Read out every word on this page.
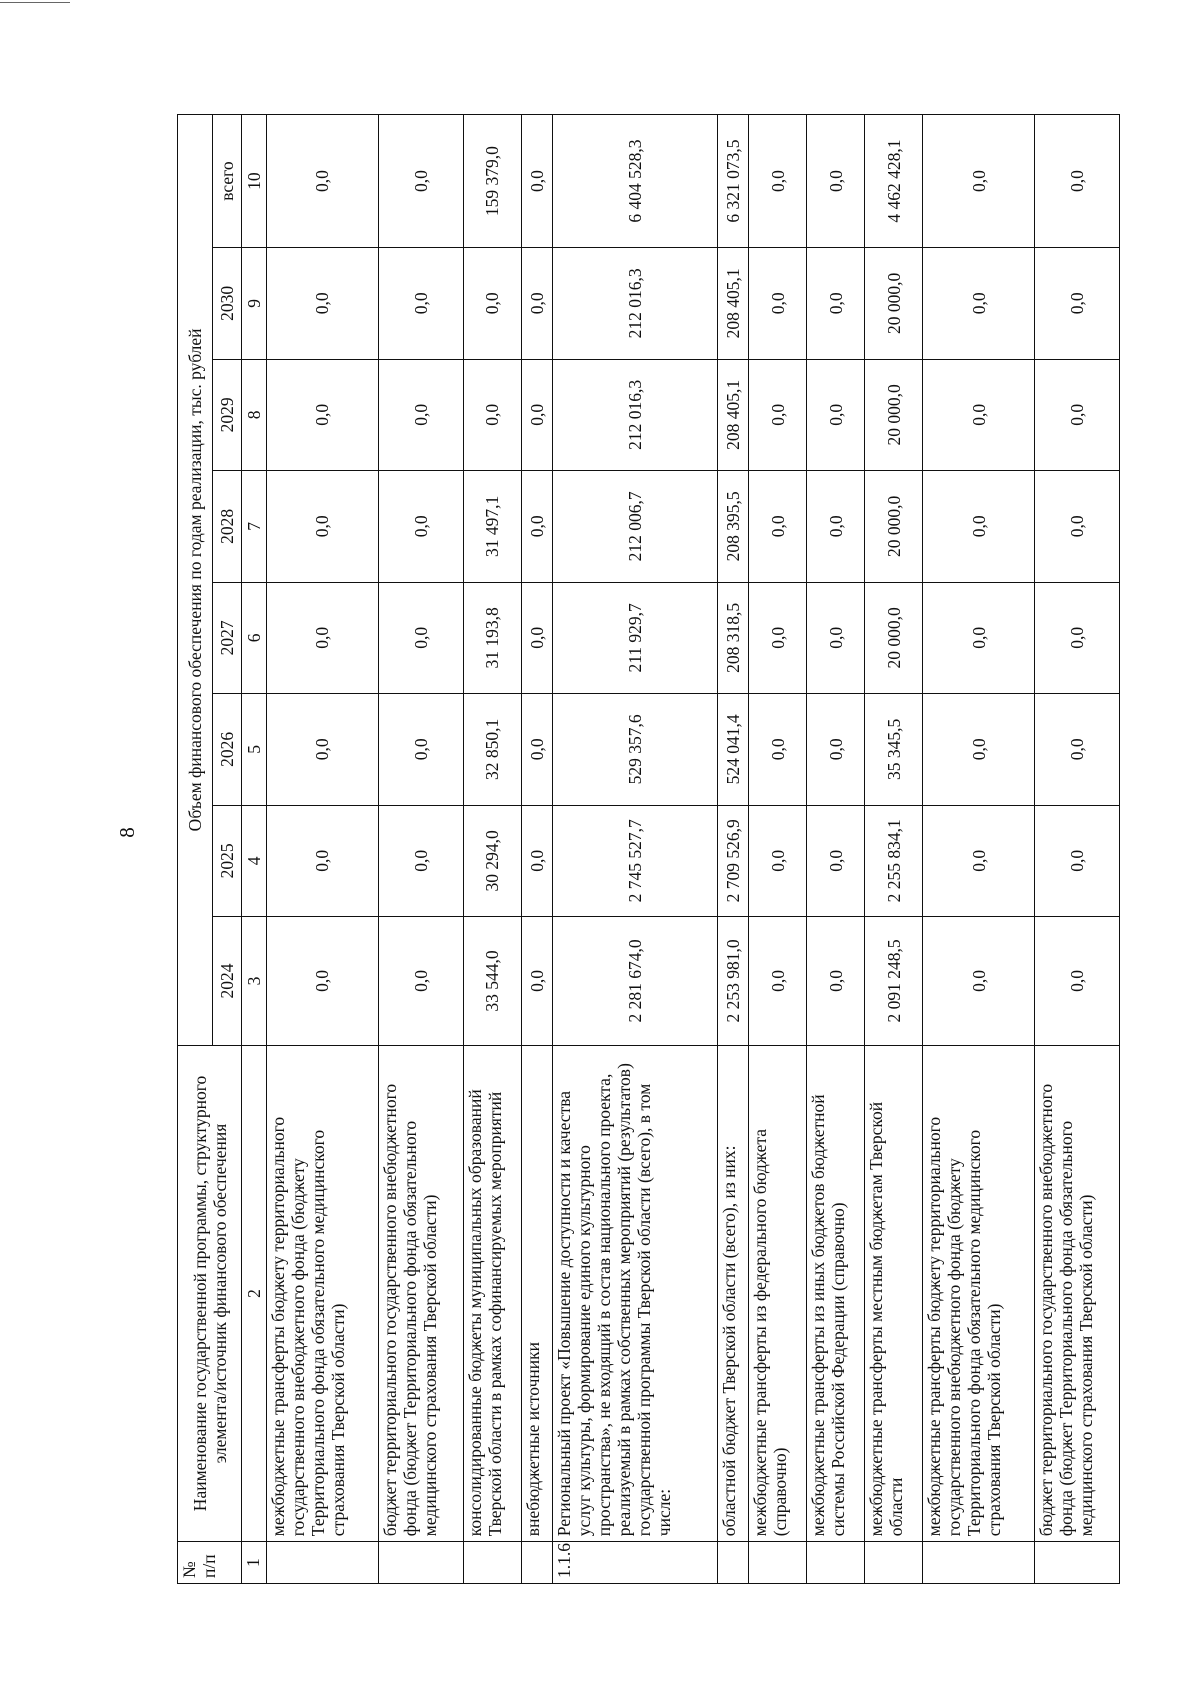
8
№ п/п	Наименование государственной программы, структурного элемента/источник финансового обеспечения	Объем финансового обеспечения по годам реализации, тыс. рублей							
		2024	2025	2026	2027	2028	2029	2030	всего
1	2	3	4	5	6	7	8	9	10
	межбюджетные трансферты бюджету территориального государственного внебюджетного фонда (бюджету Территориального фонда обязательного медицинского страхования Тверской области)	0,0	0,0	0,0	0,0	0,0	0,0	0,0	0,0
	бюджет территориального государственного внебюджетного фонда (бюджет Территориального фонда обязательного медицинского страхования Тверской области)	0,0	0,0	0,0	0,0	0,0	0,0	0,0	0,0
	консолидированные бюджеты муниципальных образований Тверской области в рамках софинансируемых мероприятий	33 544,0	30 294,0	32 850,1	31 193,8	31 497,1	0,0	0,0	159 379,0
	внебюджетные источники	0,0	0,0	0,0	0,0	0,0	0,0	0,0	0,0
1.1.6	Региональный проект «Повышение доступности и качества услуг культуры, формирование единого культурного пространства», не входящий в состав национального проекта, реализуемый в рамках собственных мероприятий (результатов) государственной программы Тверской области (всего), в том числе:	2 281 674,0	2 745 527,7	529 357,6	211 929,7	212 006,7	212 016,3	212 016,3	6 404 528,3
	областной бюджет Тверской области (всего), из них:	2 253 981,0	2 709 526,9	524 041,4	208 318,5	208 395,5	208 405,1	208 405,1	6 321 073,5
	межбюджетные трансферты из федерального бюджета (справочно)	0,0	0,0	0,0	0,0	0,0	0,0	0,0	0,0
	межбюджетные трансферты из иных бюджетов бюджетной системы Российской Федерации (справочно)	0,0	0,0	0,0	0,0	0,0	0,0	0,0	0,0
	межбюджетные трансферты местным бюджетам Тверской области	2 091 248,5	2 255 834,1	35 345,5	20 000,0	20 000,0	20 000,0	20 000,0	4 462 428,1
	межбюджетные трансферты бюджету территориального государственного внебюджетного фонда (бюджету Территориального фонда обязательного медицинского страхования Тверской области)	0,0	0,0	0,0	0,0	0,0	0,0	0,0	0,0
	бюджет территориального государственного внебюджетного фонда (бюджет Территориального фонда обязательного медицинского страхования Тверской области)	0,0	0,0	0,0	0,0	0,0	0,0	0,0	0,0
